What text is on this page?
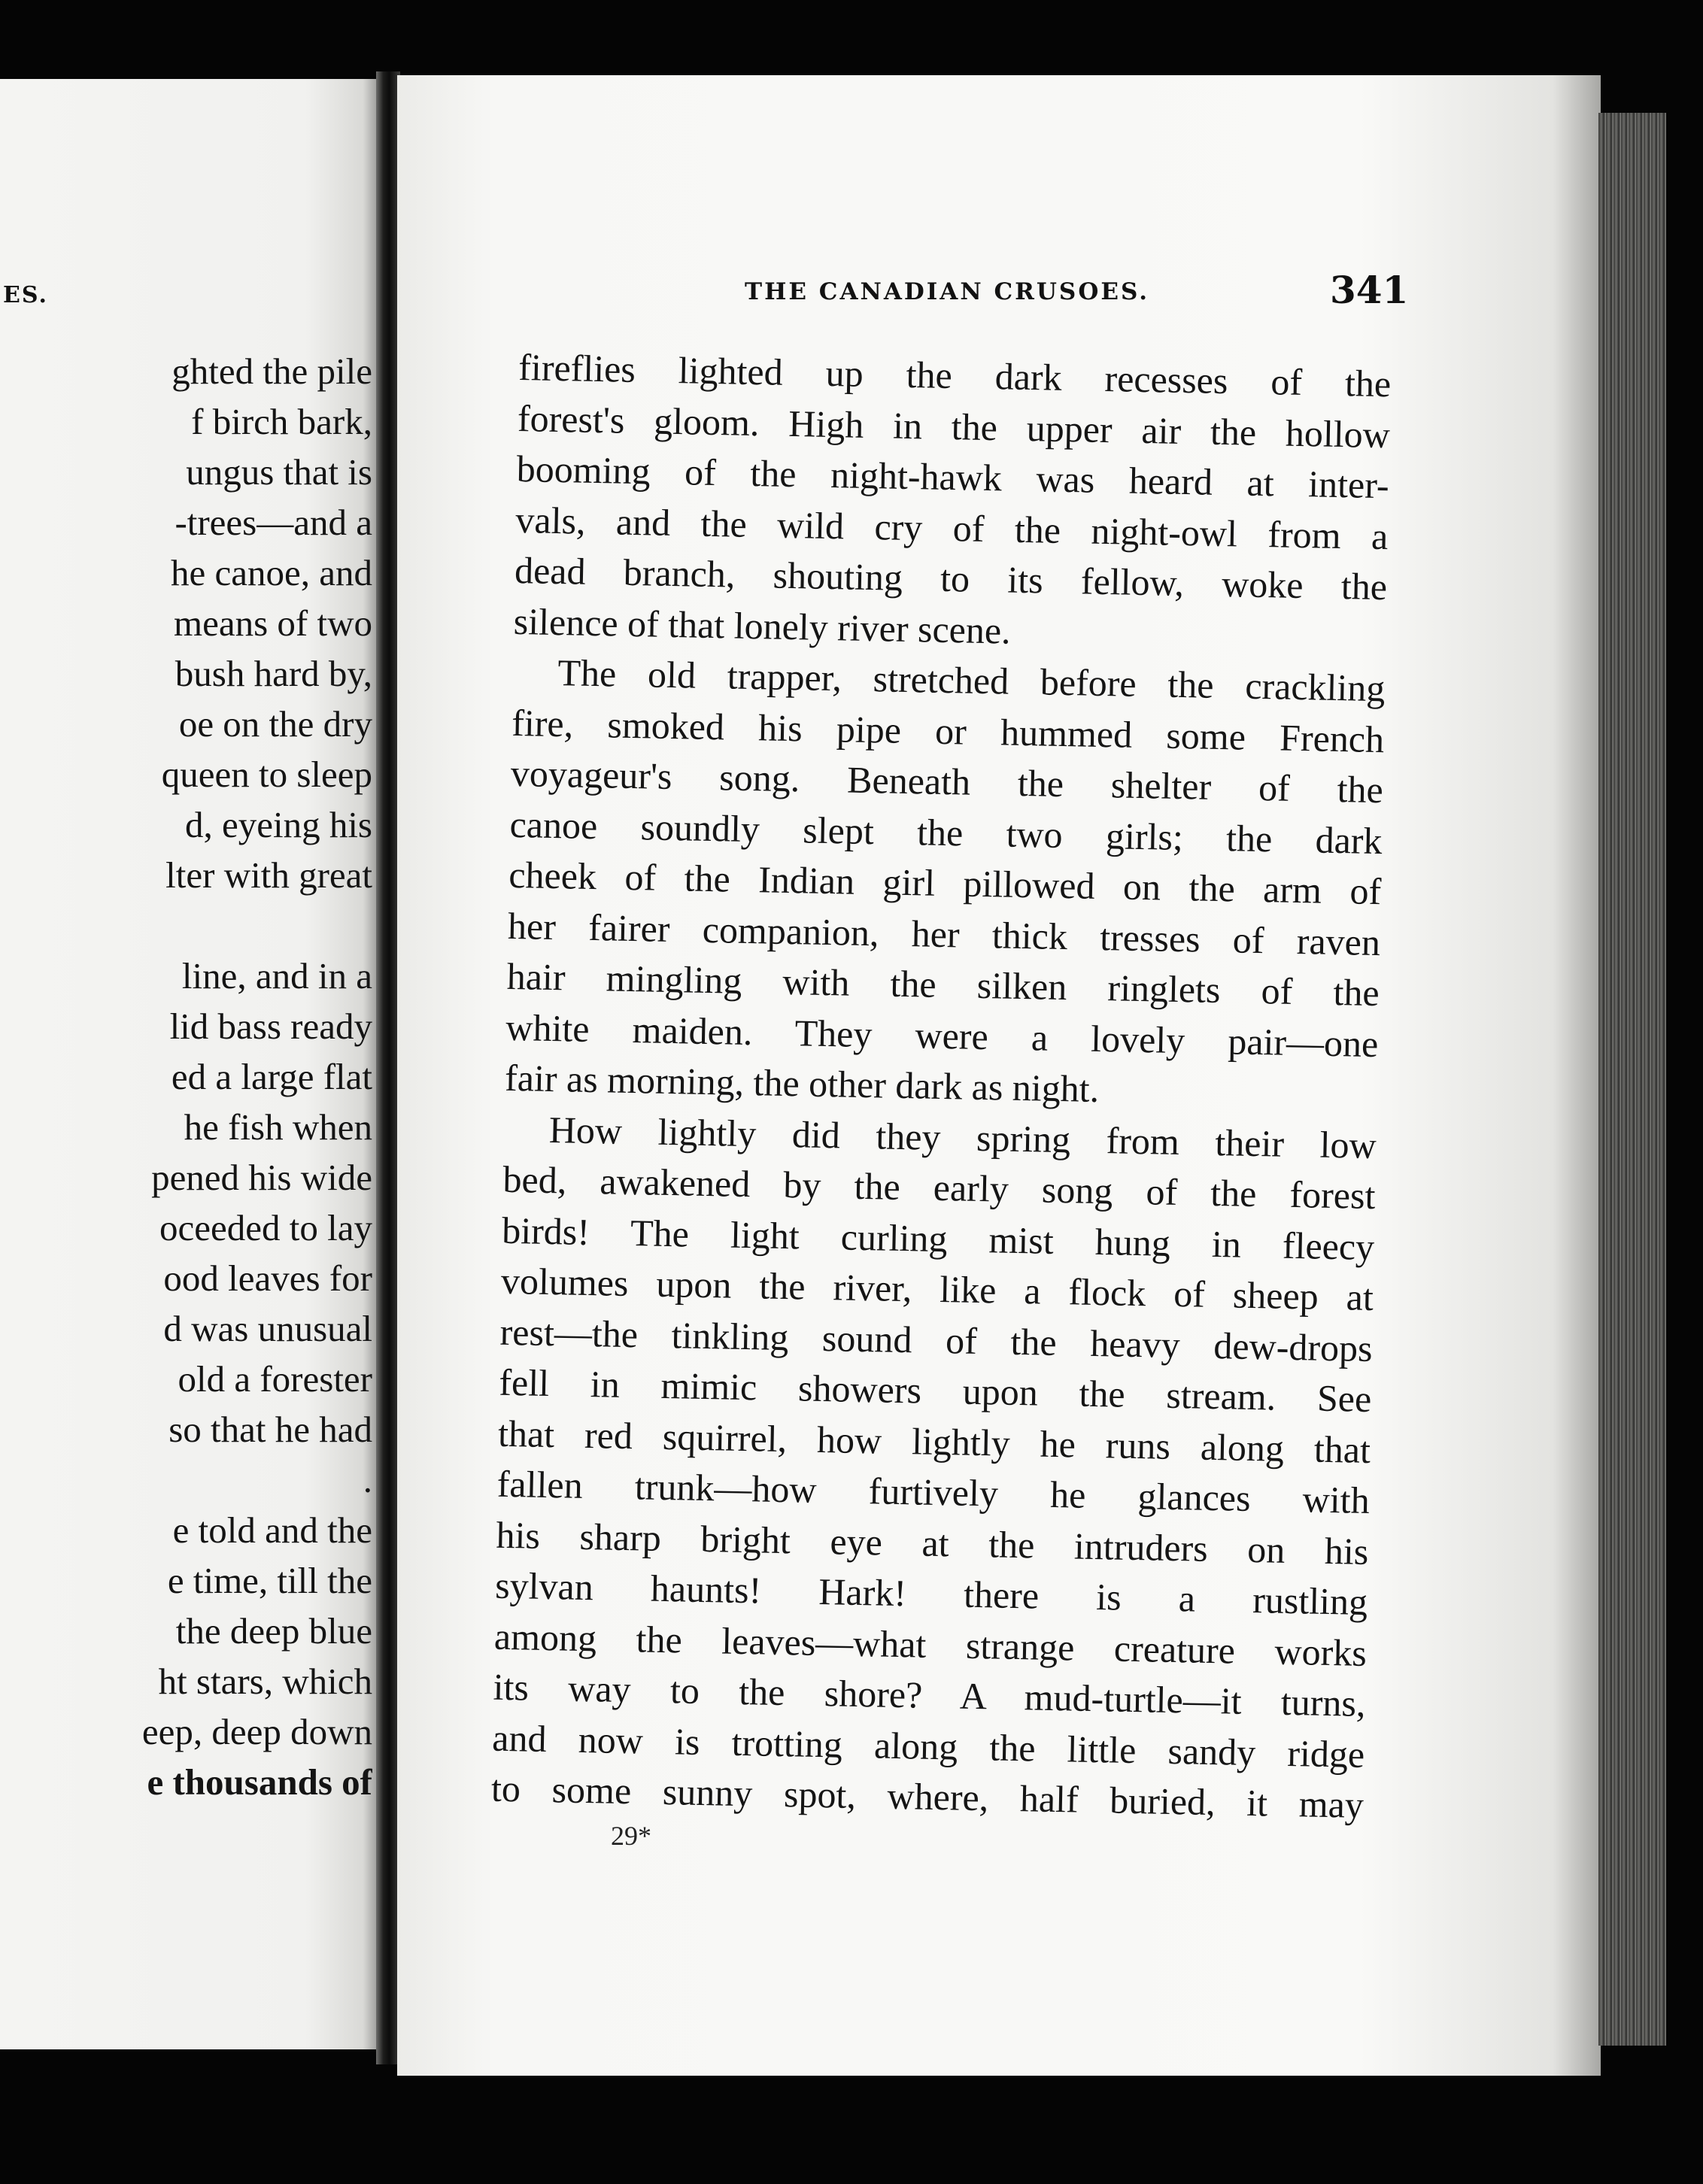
ES.

ghted the pile
f birch bark,
ungus that is
-trees—and a
he canoe, and
means of two
bush hard by,
oe on the dry
queen to sleep
d, eyeing his
lter with great
line, and in a
lid bass ready
ed a large flat
he fish when
pened his wide
oceeded to lay
ood leaves for
d was unusual
old a forester
so that he had
.
e told and the
e time, till the
the deep blue
ht stars, which
eep, deep down
e thousands of

THE CANADIAN CRUSOES.	341

fireflies lighted up the dark recesses of the
forest's gloom. High in the upper air the hollow
booming of the night-hawk was heard at inter-
vals, and the wild cry of the night-owl from a
dead branch, shouting to its fellow, woke the
silence of that lonely river scene.
The old trapper, stretched before the crackling
fire, smoked his pipe or hummed some French
voyageur's song. Beneath the shelter of the
canoe soundly slept the two girls; the dark
cheek of the Indian girl pillowed on the arm of
her fairer companion, her thick tresses of raven
hair mingling with the silken ringlets of the
white maiden. They were a lovely pair—one
fair as morning, the other dark as night.
How lightly did they spring from their low
bed, awakened by the early song of the forest
birds! The light curling mist hung in fleecy
volumes upon the river, like a flock of sheep at
rest—the tinkling sound of the heavy dew-drops
fell in mimic showers upon the stream. See
that red squirrel, how lightly he runs along that
fallen trunk—how furtively he glances with
his sharp bright eye at the intruders on his
sylvan haunts! Hark! there is a rustling
among the leaves—what strange creature works
its way to the shore? A mud-turtle—it turns,
and now is trotting along the little sandy ridge
to some sunny spot, where, half buried, it may

29*
